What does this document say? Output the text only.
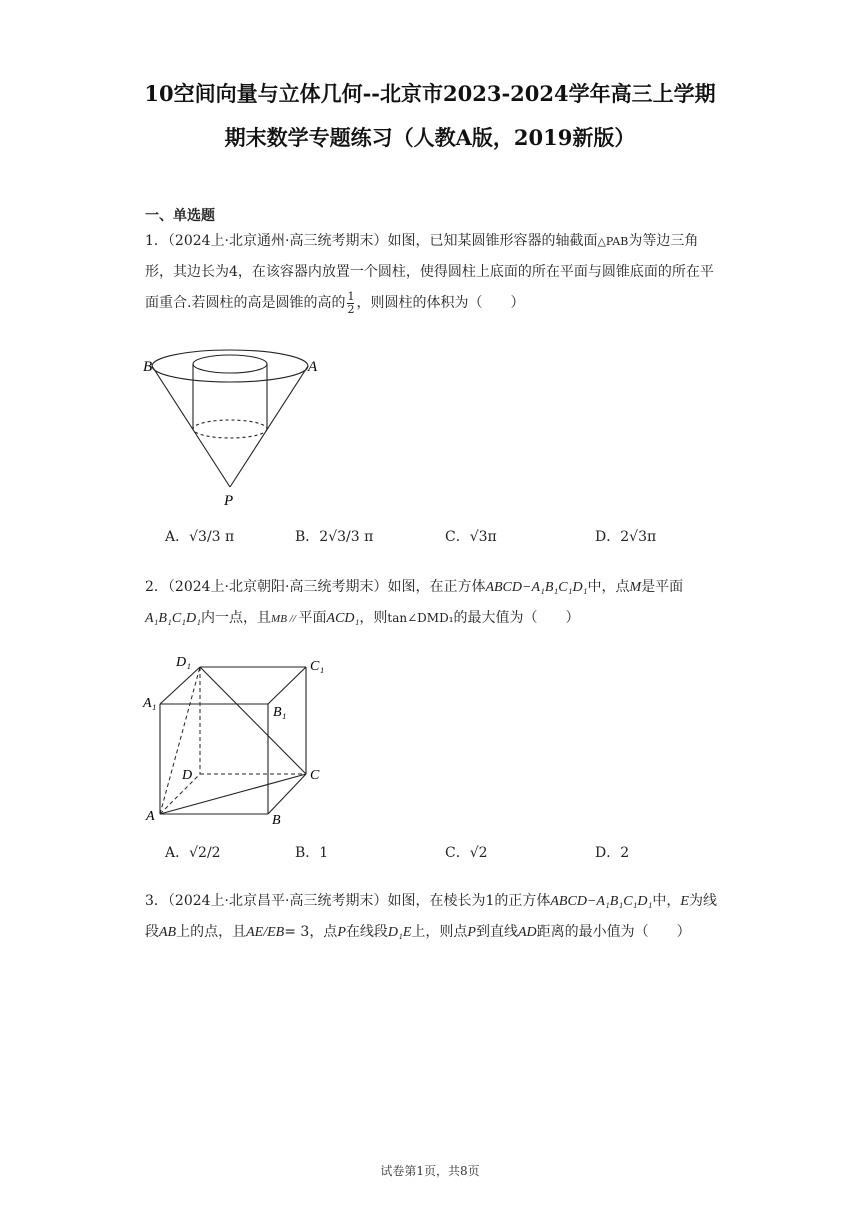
10空间向量与立体几何--北京市2023-2024学年高三上学期
期末数学专题练习（人教A版，2019新版）
一、单选题
1．（2024上·北京通州·高三统考期末）如图，已知某圆锥形容器的轴截面△PAB为等边三角形，其边长为4，在该容器内放置一个圆柱，使得圆柱上底面的所在平面与圆锥底面的所在平面重合.若圆柱的高是圆锥的高的 $\frac{1}{2}$ ，则圆柱的体积为（　　）
B	A
P
A．√3/3 π	B．2√3/3 π	C．√3π	D．2√3π
2．（2024上·北京朝阳·高三统考期末）如图，在正方体ABCD−A₁B₁C₁D₁中，点M是平面A₁B₁C₁D₁内一点，且MB // 平面ACD₁，则tan∠DMD₁的最大值为（　　）
D₁	C₁
A₁
B₁
D	C
A	B
A．√2/2	B．1	C．√2	D．2
3．（2024上·北京昌平·高三统考期末）如图，在棱长为1的正方体ABCD−A₁B₁C₁D₁中，E为线段AB上的点，且AE/EB= 3，点P在线段D₁E上，则点P到直线AD距离的最小值为（　　）
试卷第1页，共8页
